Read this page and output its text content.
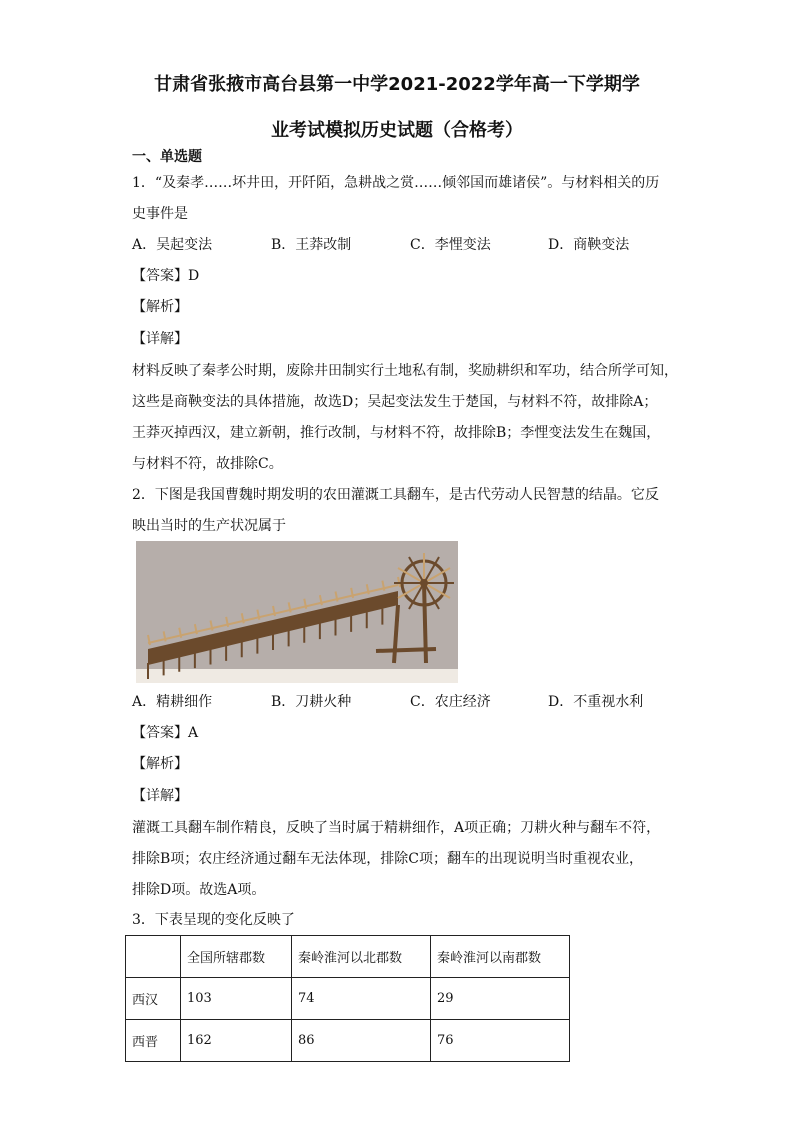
甘肃省张掖市高台县第一中学2021-2022学年高一下学期学
业考试模拟历史试题（合格考）

一、单选题

1．“及秦孝……坏井田，开阡陌，急耕战之赏……倾邻国而雄诸侯”。与材料相关的历

史事件是

A．吴起变法	B．王莽改制	C．李悝变法	D．商鞅变法

【答案】D

【解析】

【详解】

材料反映了秦孝公时期，废除井田制实行土地私有制，奖励耕织和军功，结合所学可知，

这些是商鞅变法的具体措施，故选D；吴起变法发生于楚国，与材料不符，故排除A；

王莽灭掉西汉，建立新朝，推行改制，与材料不符，故排除B；李悝变法发生在魏国，

与材料不符，故排除C。

2．下图是我国曹魏时期发明的农田灌溉工具翻车，是古代劳动人民智慧的结晶。它反

映出当时的生产状况属于

A．精耕细作	B．刀耕火种	C．农庄经济	D．不重视水利

【答案】A

【解析】

【详解】

灌溉工具翻车制作精良，反映了当时属于精耕细作，A项正确；刀耕火种与翻车不符，

排除B项；农庄经济通过翻车无法体现，排除C项；翻车的出现说明当时重视农业，

排除D项。故选A项。

3．下表呈现的变化反映了

	全国所辖郡数	秦岭淮河以北郡数	秦岭淮河以南郡数
西汉	103	74	29
西晋	162	86	76
